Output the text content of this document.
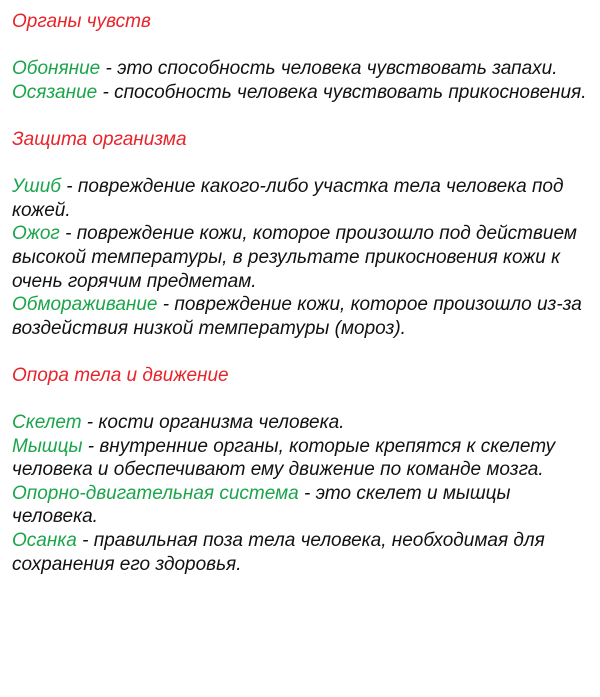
Органы чувств

Обоняние - это способность человека чувствовать запахи.

Осязание - способность человека чувствовать прикосновения.

Защита организма

Ушиб - повреждение какого-либо участка тела человека под кожей.

Ожог - повреждение кожи, которое произошло под действием высокой температуры, в результате прикосновения кожи к очень горячим предметам.

Обмораживание - повреждение кожи, которое произошло из-за воздействия низкой температуры (мороз).

Опора тела и движение

Скелет - кости организма человека.

Мышцы - внутренние органы, которые крепятся к скелету человека и обеспечивают ему движение по команде мозга.

Опорно-двигательная система - это скелет и мышцы человека.

Осанка - правильная поза тела человека, необходимая для сохранения его здоровья.
